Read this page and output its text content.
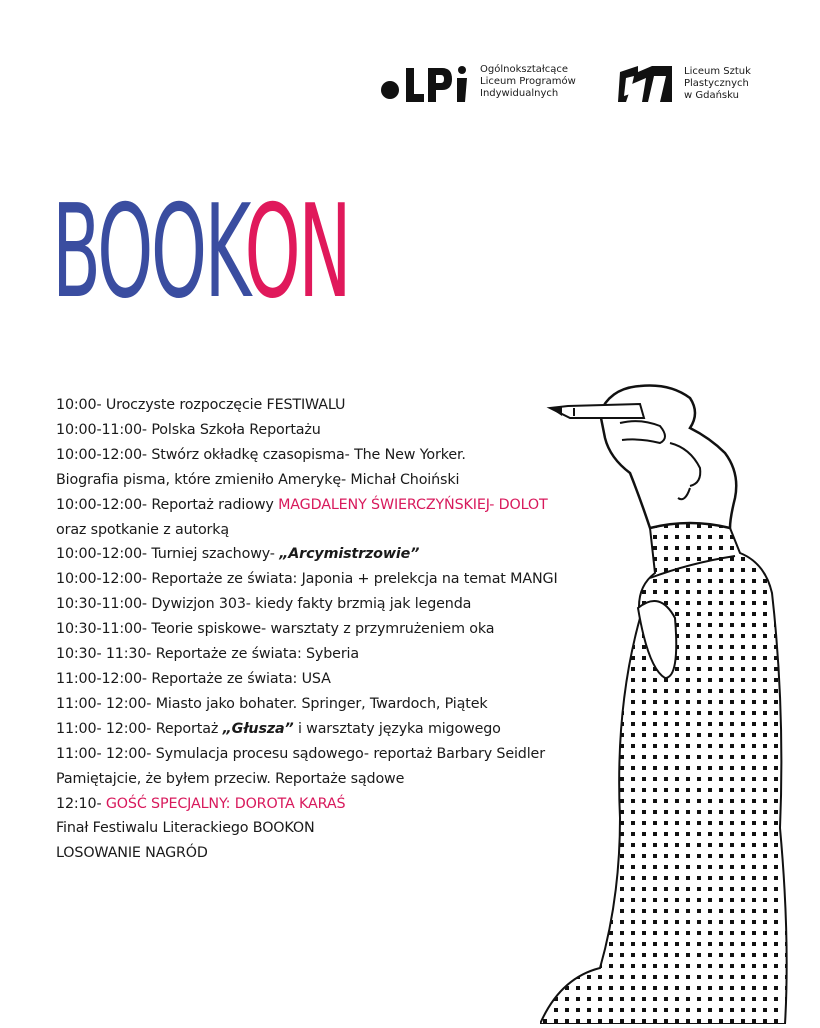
Ogólnokształcące
Liceum Programów
Indywidualnych
Liceum Sztuk
Plastycznych
w Gdańsku
BOOKON
10:00- Uroczyste rozpoczęcie FESTIWALU
10:00-11:00- Polska Szkoła Reportażu
10:00-12:00- Stwórz okładkę czasopisma- The New Yorker.
Biografia pisma, które zmieniło Amerykę- Michał Choiński
10:00-12:00- Reportaż radiowy MAGDALENY ŚWIERCZYŃSKIEJ- DOLOT
oraz spotkanie z autorką
10:00-12:00- Turniej szachowy- „Arcymistrzowie”
10:00-12:00- Reportaże ze świata: Japonia + prelekcja na temat MANGI
10:30-11:00- Dywizjon 303- kiedy fakty brzmią jak legenda
10:30-11:00- Teorie spiskowe- warsztaty z przymrużeniem oka
10:30- 11:30- Reportaże ze świata: Syberia
11:00-12:00- Reportaże ze świata: USA
11:00- 12:00- Miasto jako bohater. Springer, Twardoch, Piątek
11:00- 12:00- Reportaż „Głusza” i warsztaty języka migowego
11:00- 12:00- Symulacja procesu sądowego- reportaż Barbary Seidler
Pamiętajcie, że byłem przeciw. Reportaże sądowe
12:10- GOŚĆ SPECJALNY: DOROTA KARAŚ
Finał Festiwalu Literackiego BOOKON
LOSOWANIE NAGRÓD
